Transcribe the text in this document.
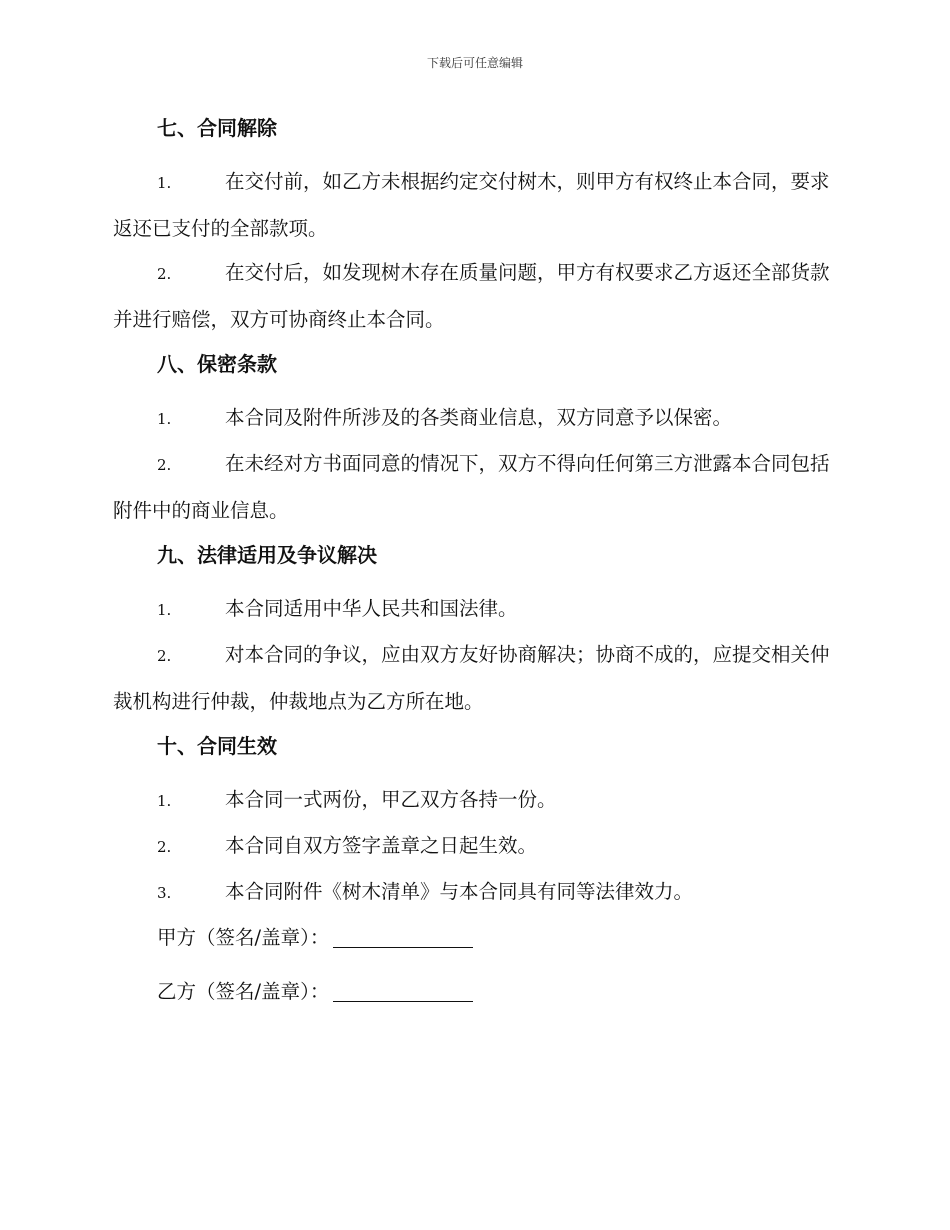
下载后可任意编辑
七、合同解除
1.	在交付前，如乙方未根据约定交付树木，则甲方有权终止本合同，要求返还已支付的全部款项。
2.	在交付后，如发现树木存在质量问题，甲方有权要求乙方返还全部货款并进行赔偿，双方可协商终止本合同。
八、保密条款
1.	本合同及附件所涉及的各类商业信息，双方同意予以保密。
2.	在未经对方书面同意的情况下，双方不得向任何第三方泄露本合同包括附件中的商业信息。
九、法律适用及争议解决
1.	本合同适用中华人民共和国法律。
2.	对本合同的争议，应由双方友好协商解决；协商不成的，应提交相关仲裁机构进行仲裁，仲裁地点为乙方所在地。
十、合同生效
1.	本合同一式两份，甲乙双方各持一份。
2.	本合同自双方签字盖章之日起生效。
3.	本合同附件《树木清单》与本合同具有同等法律效力。
甲方（签名/盖章）：
乙方（签名/盖章）：
